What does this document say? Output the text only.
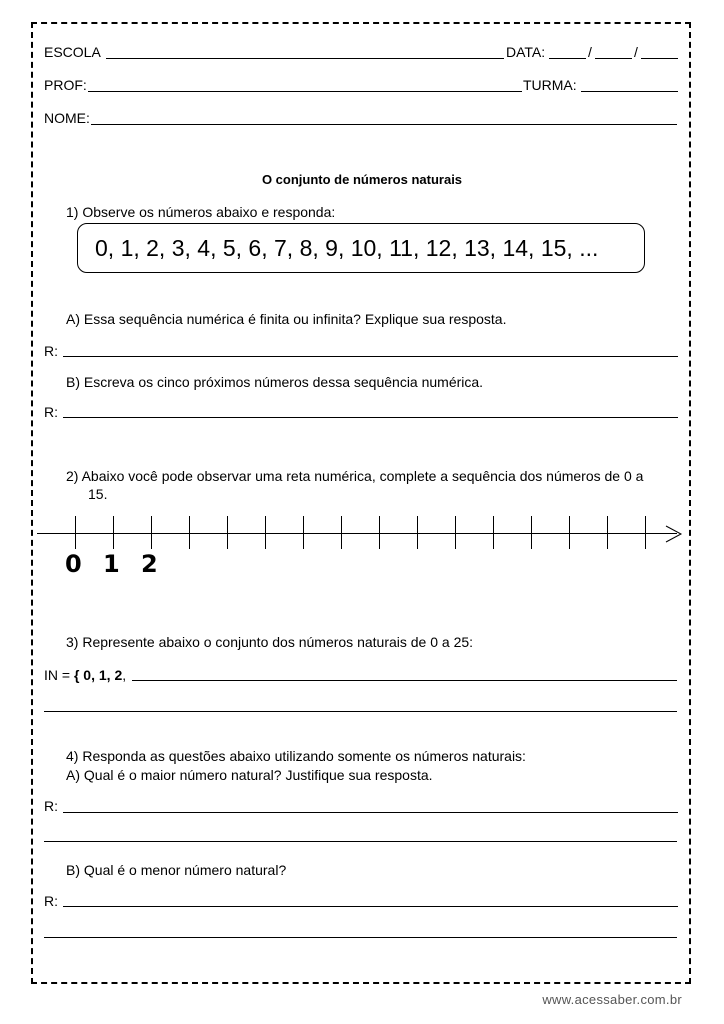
ESCOLA	DATA:	/	/
PROF:	TURMA:
NOME:
O conjunto de números naturais
1) Observe os números abaixo e responda:
0, 1, 2, 3, 4, 5, 6, 7, 8, 9, 10, 11, 12, 13, 14, 15, ...
A) Essa sequência numérica é finita ou infinita? Explique sua resposta.
R:
B) Escreva os cinco próximos números dessa sequência numérica.
R:
2) Abaixo você pode observar uma reta numérica, complete a sequência dos números de 0 a
15.
0 1 2
3) Represente abaixo o conjunto dos números naturais de 0 a 25:
IN = { 0, 1, 2,
4) Responda as questões abaixo utilizando somente os números naturais:
A) Qual é o maior número natural? Justifique sua resposta.
R:
B) Qual é o menor número natural?
R:
www.acessaber.com.br
